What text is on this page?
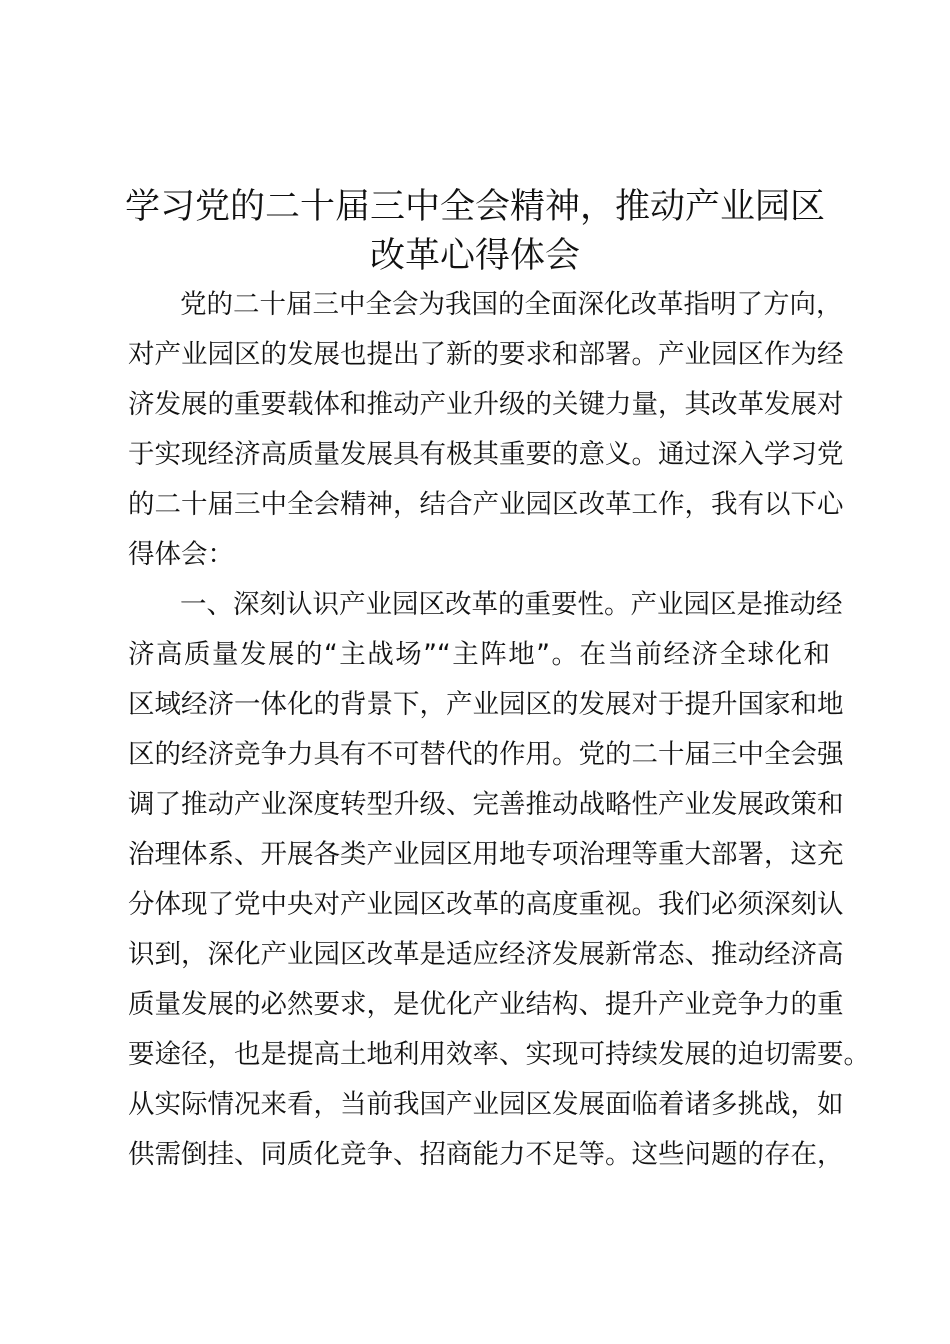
学习党的二十届三中全会精神，推动产业园区
改革心得体会
党的二十届三中全会为我国的全面深化改革指明了方向，
对产业园区的发展也提出了新的要求和部署。产业园区作为经
济发展的重要载体和推动产业升级的关键力量，其改革发展对
于实现经济高质量发展具有极其重要的意义。通过深入学习党
的二十届三中全会精神，结合产业园区改革工作，我有以下心
得体会：
一、深刻认识产业园区改革的重要性。产业园区是推动经
济高质量发展的“主战场”“主阵地”。在当前经济全球化和
区域经济一体化的背景下，产业园区的发展对于提升国家和地
区的经济竞争力具有不可替代的作用。党的二十届三中全会强
调了推动产业深度转型升级、完善推动战略性产业发展政策和
治理体系、开展各类产业园区用地专项治理等重大部署，这充
分体现了党中央对产业园区改革的高度重视。我们必须深刻认
识到，深化产业园区改革是适应经济发展新常态、推动经济高
质量发展的必然要求，是优化产业结构、提升产业竞争力的重
要途径，也是提高土地利用效率、实现可持续发展的迫切需要。
从实际情况来看，当前我国产业园区发展面临着诸多挑战，如
供需倒挂、同质化竞争、招商能力不足等。这些问题的存在，
